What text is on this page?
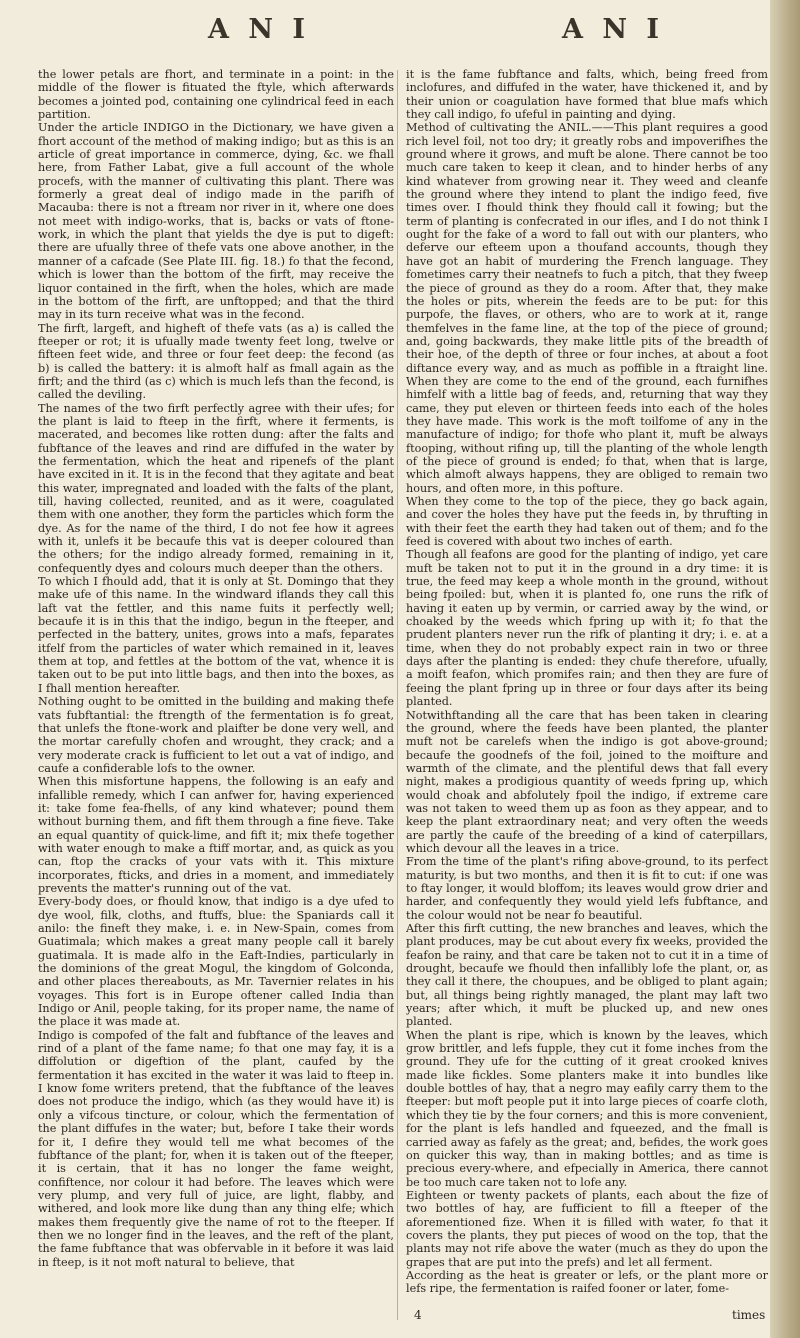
A N I	A N I

the lower petals are fhort, and terminate in a point: in the middle of the flower is fituated the ftyle, which afterwards becomes a jointed pod, containing one cylindrical feed in each partition.

Under the article INDIGO in the Dictionary, we have given a fhort account of the method of making indigo; but as this is an article of great importance in commerce, dying, &c. we fhall here, from Father Labat, give a full account of the whole procefs, with the manner of cultivating this plant. There was formerly a great deal of indigo made in the parifh of Macauba: there is not a ftream nor river in it, where one does not meet with indigo-works, that is, backs or vats of ftone-work, in which the plant that yields the dye is put to digeft: there are ufually three of thefe vats one above another, in the manner of a cafcade (See Plate III. fig. 18.) fo that the fecond, which is lower than the bottom of the firft, may receive the liquor contained in the firft, when the holes, which are made in the bottom of the firft, are unftopped; and that the third may in its turn receive what was in the fecond.

The firft, largeft, and higheft of thefe vats (as a) is called the fteeper or rot; it is ufually made twenty feet long, twelve or fifteen feet wide, and three or four feet deep: the fecond (as b) is called the battery: it is almoft half as fmall again as the firft; and the third (as c) which is much lefs than the fecond, is called the deviling.

The names of the two firft perfectly agree with their ufes; for the plant is laid to fteep in the firft, where it ferments, is macerated, and becomes like rotten dung: after the falts and fubftance of the leaves and rind are diffufed in the water by the fermentation, which the heat and ripenefs of the plant have excited in it. It is in the fecond that they agitate and beat this water, impregnated and loaded with the falts of the plant, till, having collected, reunited, and as it were, coagulated them with one another, they form the particles which form the dye. As for the name of the third, I do not fee how it agrees with it, unlefs it be becaufe this vat is deeper coloured than the others; for the indigo already formed, remaining in it, confequently dyes and colours much deeper than the others.

To which I fhould add, that it is only at St. Domingo that they make ufe of this name. In the windward iflands they call this laft vat the fettler, and this name fuits it perfectly well; becaufe it is in this that the indigo, begun in the fteeper, and perfected in the battery, unites, grows into a mafs, feparates itfelf from the particles of water which remained in it, leaves them at top, and fettles at the bottom of the vat, whence it is taken out to be put into little bags, and then into the boxes, as I fhall mention hereafter.

Nothing ought to be omitted in the building and making thefe vats fubftantial: the ftrength of the fermentation is fo great, that unlefs the ftone-work and plaifter be done very well, and the mortar carefully chofen and wrought, they crack; and a very moderate crack is fufficient to let out a vat of indigo, and caufe a confiderable lofs to the owner.

When this misfortune happens, the following is an eafy and infallible remedy, which I can anfwer for, having experienced it: take fome fea-fhells, of any kind whatever; pound them without burning them, and fift them through a fine fieve. Take an equal quantity of quick-lime, and fift it; mix thefe together with water enough to make a ftiff mortar, and, as quick as you can, ftop the cracks of your vats with it. This mixture incorporates, fticks, and dries in a moment, and immediately prevents the matter's running out of the vat.

Every-body does, or fhould know, that indigo is a dye ufed to dye wool, filk, cloths, and ftuffs, blue: the Spaniards call it anilo: the fineft they make, i. e. in New-Spain, comes from Guatimala; which makes a great many people call it barely guatimala. It is made alfo in the Eaft-Indies, particularly in the dominions of the great Mogul, the kingdom of Golconda, and other places thereabouts, as Mr. Tavernier relates in his voyages. This fort is in Europe oftener called India than Indigo or Anil, people taking, for its proper name, the name of the place it was made at.

Indigo is compofed of the falt and fubftance of the leaves and rind of a plant of the fame name; fo that one may fay, it is a diffolution or digeftion of the plant, caufed by the fermentation it has excited in the water it was laid to fteep in. I know fome writers pretend, that the fubftance of the leaves does not produce the indigo, which (as they would have it) is only a vifcous tincture, or colour, which the fermentation of the plant diffufes in the water; but, before I take their words for it, I defire they would tell me what becomes of the fubftance of the plant; for, when it is taken out of the fteeper, it is certain, that it has no longer the fame weight, confiftence, nor colour it had before. The leaves which were very plump, and very full of juice, are light, flabby, and withered, and look more like dung than any thing elfe; which makes them frequently give the name of rot to the fteeper. If then we no longer find in the leaves, and the reft of the plant, the fame fubftance that was obfervable in it before it was laid in fteep, is it not moft natural to believe, that

it is the fame fubftance and falts, which, being freed from inclofures, and diffufed in the water, have thickened it, and by their union or coagulation have formed that blue mafs which they call indigo, fo ufeful in painting and dying.

Method of cultivating the ANIL.——This plant requires a good rich level foil, not too dry; it greatly robs and impoverifhes the ground where it grows, and muft be alone. There cannot be too much care taken to keep it clean, and to hinder herbs of any kind whatever from growing near it. They weed and cleanfe the ground where they intend to plant the indigo feed, five times over. I fhould think they fhould call it fowing; but the term of planting is confecrated in our ifles, and I do not think I ought for the fake of a word to fall out with our planters, who deferve our efteem upon a thoufand accounts, though they have got an habit of murdering the French language. They fometimes carry their neatnefs to fuch a pitch, that they fweep the piece of ground as they do a room. After that, they make the holes or pits, wherein the feeds are to be put: for this purpofe, the flaves, or others, who are to work at it, range themfelves in the fame line, at the top of the piece of ground; and, going backwards, they make little pits of the breadth of their hoe, of the depth of three or four inches, at about a foot diftance every way, and as much as poffible in a ftraight line. When they are come to the end of the ground, each furnifhes himfelf with a little bag of feeds, and, returning that way they came, they put eleven or thirteen feeds into each of the holes they have made. This work is the moft toilfome of any in the manufacture of indigo; for thofe who plant it, muft be always ftooping, without rifing up, till the planting of the whole length of the piece of ground is ended; fo that, when that is large, which almoft always happens, they are obliged to remain two hours, and often more, in this pofture.

When they come to the top of the piece, they go back again, and cover the holes they have put the feeds in, by thrufting in with their feet the earth they had taken out of them; and fo the feed is covered with about two inches of earth.

Though all feafons are good for the planting of indigo, yet care muft be taken not to put it in the ground in a dry time: it is true, the feed may keep a whole month in the ground, without being fpoiled: but, when it is planted fo, one runs the rifk of having it eaten up by vermin, or carried away by the wind, or choaked by the weeds which fpring up with it; fo that the prudent planters never run the rifk of planting it dry; i. e. at a time, when they do not probably expect rain in two or three days after the planting is ended: they chufe therefore, ufually, a moift feafon, which promifes rain; and then they are fure of feeing the plant fpring up in three or four days after its being planted.

Notwithftanding all the care that has been taken in clearing the ground, where the feeds have been planted, the planter muft not be carelefs when the indigo is got above-ground; becaufe the goodnefs of the foil, joined to the moifture and warmth of the climate, and the plentiful dews that fall every night, makes a prodigious quantity of weeds fpring up, which would choak and abfolutely fpoil the indigo, if extreme care was not taken to weed them up as foon as they appear, and to keep the plant extraordinary neat; and very often the weeds are partly the caufe of the breeding of a kind of caterpillars, which devour all the leaves in a trice.

From the time of the plant's rifing above-ground, to its perfect maturity, is but two months, and then it is fit to cut: if one was to ftay longer, it would bloffom; its leaves would grow drier and harder, and confequently they would yield lefs fubftance, and the colour would not be near fo beautiful.

After this firft cutting, the new branches and leaves, which the plant produces, may be cut about every fix weeks, provided the feafon be rainy, and that care be taken not to cut it in a time of drought, becaufe we fhould then infallibly lofe the plant, or, as they call it there, the choupues, and be obliged to plant again; but, all things being rightly managed, the plant may laft two years; after which, it muft be plucked up, and new ones planted.

When the plant is ripe, which is known by the leaves, which grow brittler, and lefs fupple, they cut it fome inches from the ground. They ufe for the cutting of it great crooked knives made like fickles. Some planters make it into bundles like double bottles of hay, that a negro may eafily carry them to the fteeper: but moft people put it into large pieces of coarfe cloth, which they tie by the four corners; and this is more convenient, for the plant is lefs handled and fqueezed, and the fmall is carried away as fafely as the great; and, befides, the work goes on quicker this way, than in making bottles; and as time is precious every-where, and efpecially in America, there cannot be too much care taken not to lofe any.

Eighteen or twenty packets of plants, each about the fize of two bottles of hay, are fufficient to fill a fteeper of the aforementioned fize. When it is filled with water, fo that it covers the plants, they put pieces of wood on the top, that the plants may not rife above the water (much as they do upon the grapes that are put into the prefs) and let all ferment.

According as the heat is greater or lefs, or the plant more or lefs ripe, the fermentation is raifed fooner or later, fome-

4	times
